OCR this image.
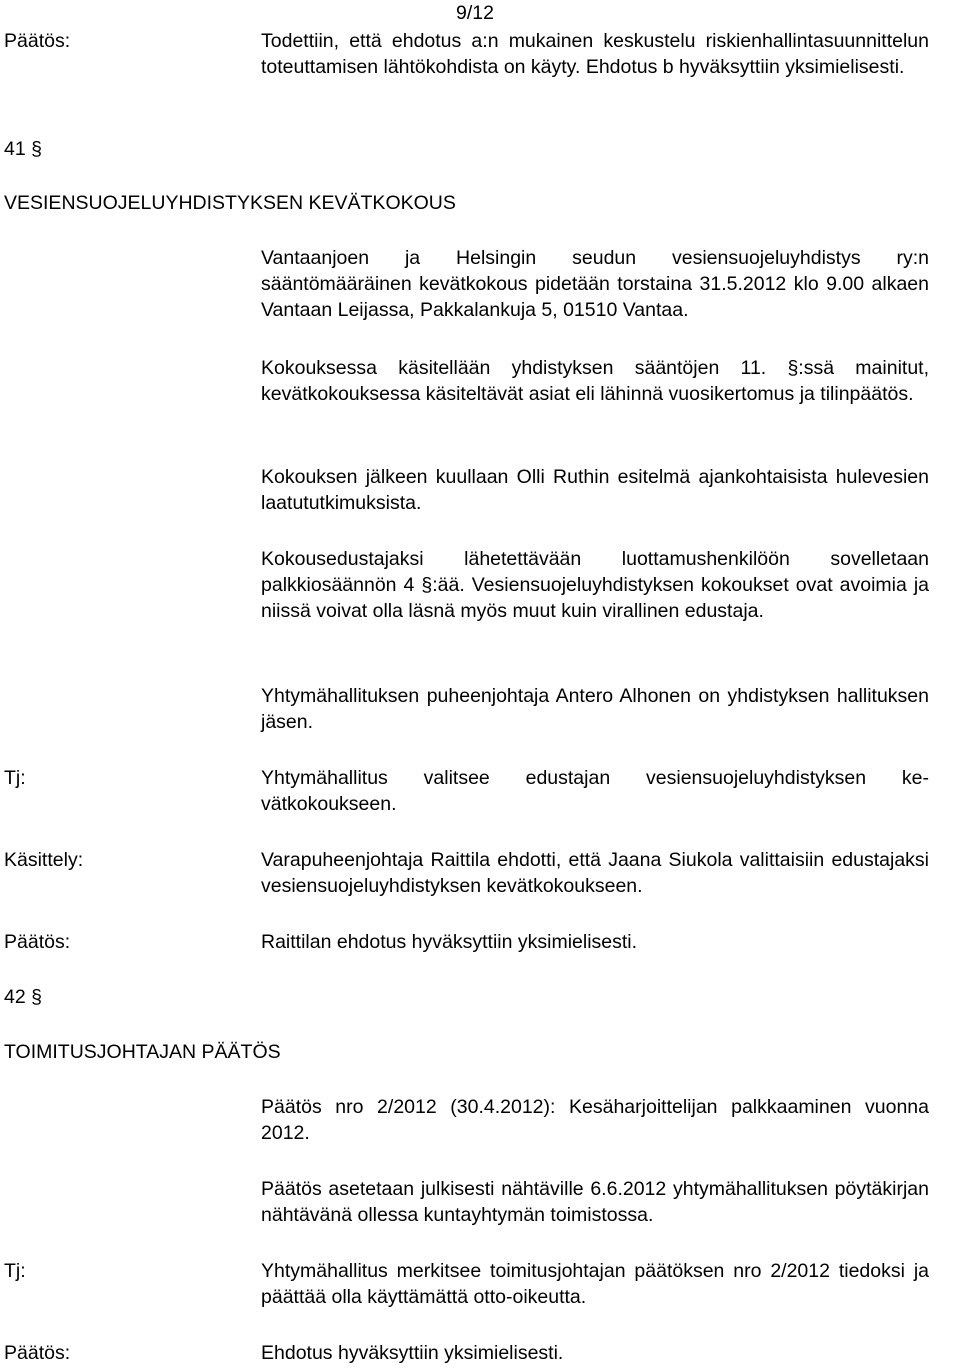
9/12
Päätös:	Todettiin, että ehdotus a:n mukainen keskustelu riskienhallintasuunnittelun toteuttamisen lähtökohdista on käyty. Ehdotus b hyväksyttiin yksimielisesti.

41 §
VESIENSUOJELUYHDISTYKSEN KEVÄTKOKOUS

Vantaanjoen ja Helsingin seudun vesiensuojeluyhdistys ry:n sääntömääräinen kevätkokous pidetään torstaina 31.5.2012 klo 9.00 alkaen Vantaan Leijassa, Pakkalankuja 5, 01510 Vantaa.

Kokouksessa käsitellään yhdistyksen sääntöjen 11. §:ssä mainitut, kevätkokouksessa käsiteltävät asiat eli lähinnä vuosikertomus ja tilinpäätös.

Kokouksen jälkeen kuullaan Olli Ruthin esitelmä ajankohtaisista hulevesien laatututkimuksista.

Kokousedustajaksi lähetettävään luottamushenkilöön sovelletaan palkkiosäännön 4 §:ää. Vesiensuojeluyhdistyksen kokoukset ovat avoimia ja niissä voivat olla läsnä myös muut kuin virallinen edustaja.

Yhtymähallituksen puheenjohtaja Antero Alhonen on yhdistyksen hallituksen jäsen.

Tj:	Yhtymähallitus valitsee edustajan vesiensuojeluyhdistyksen kevätkokoukseen.

Käsittely:	Varapuheenjohtaja Raittila ehdotti, että Jaana Siukola valittaisiin edustajaksi vesiensuojeluyhdistyksen kevätkokoukseen.

Päätös:	Raittilan ehdotus hyväksyttiin yksimielisesti.

42 §
TOIMITUSJOHTAJAN PÄÄTÖS

Päätös nro 2/2012 (30.4.2012): Kesäharjoittelijan palkkaaminen vuonna 2012.

Päätös asetetaan julkisesti nähtäville 6.6.2012 yhtymähallituksen pöytäkirjan nähtävänä ollessa kuntayhtymän toimistossa.

Tj:	Yhtymähallitus merkitsee toimitusjohtajan päätöksen nro 2/2012 tiedoksi ja päättää olla käyttämättä otto-oikeutta.

Päätös:	Ehdotus hyväksyttiin yksimielisesti.
